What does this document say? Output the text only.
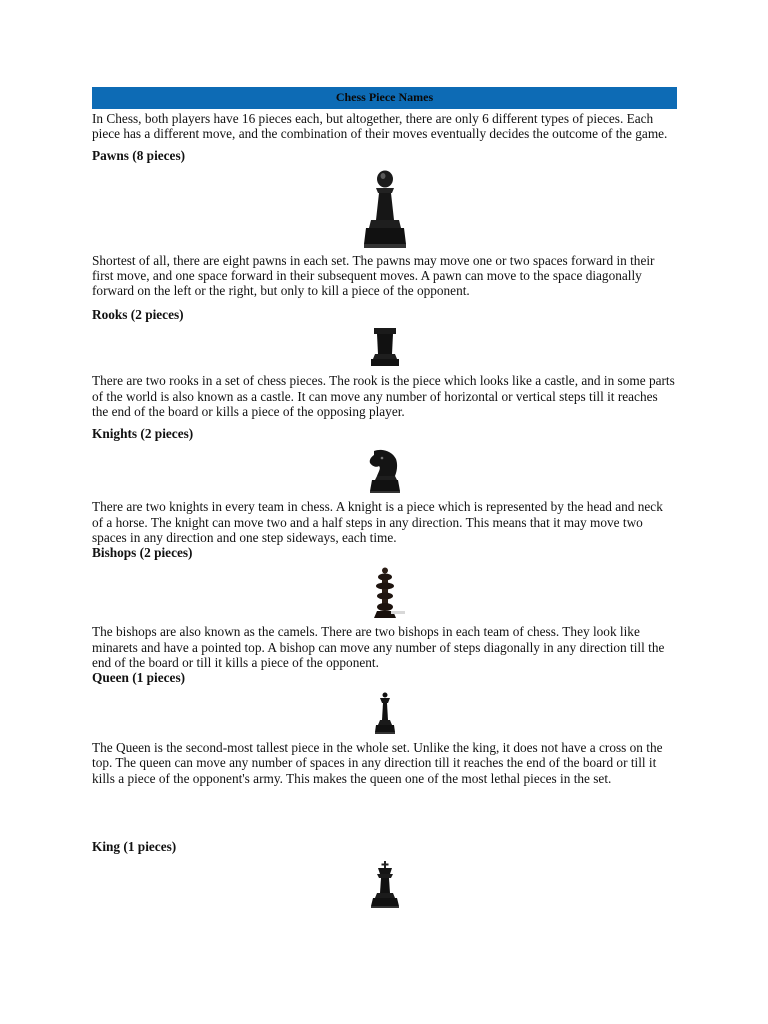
Chess Piece Names

In Chess, both players have 16 pieces each, but altogether, there are only 6 different types of pieces. Each piece has a different move, and the combination of their moves eventually decides the outcome of the game.

Pawns (8 pieces)

Shortest of all, there are eight pawns in each set. The pawns may move one or two spaces forward in their first move, and one space forward in their subsequent moves. A pawn can move to the space diagonally forward on the left or the right, but only to kill a piece of the opponent.

Rooks (2 pieces)

There are two rooks in a set of chess pieces. The rook is the piece which looks like a castle, and in some parts of the world is also known as a castle. It can move any number of horizontal or vertical steps till it reaches the end of the board or kills a piece of the opposing player.

Knights (2 pieces)

There are two knights in every team in chess. A knight is a piece which is represented by the head and neck of a horse. The knight can move two and a half steps in any direction. This means that it may move two spaces in any direction and one step sideways, each time.

Bishops (2 pieces)

The bishops are also known as the camels. There are two bishops in each team of chess. They look like minarets and have a pointed top. A bishop can move any number of steps diagonally in any direction till the end of the board or till it kills a piece of the opponent.

Queen (1 pieces)

The Queen is the second-most tallest piece in the whole set. Unlike the king, it does not have a cross on the top. The queen can move any number of spaces in any direction till it reaches the end of the board or till it kills a piece of the opponent's army. This makes the queen one of the most lethal pieces in the set.

King (1 pieces)
